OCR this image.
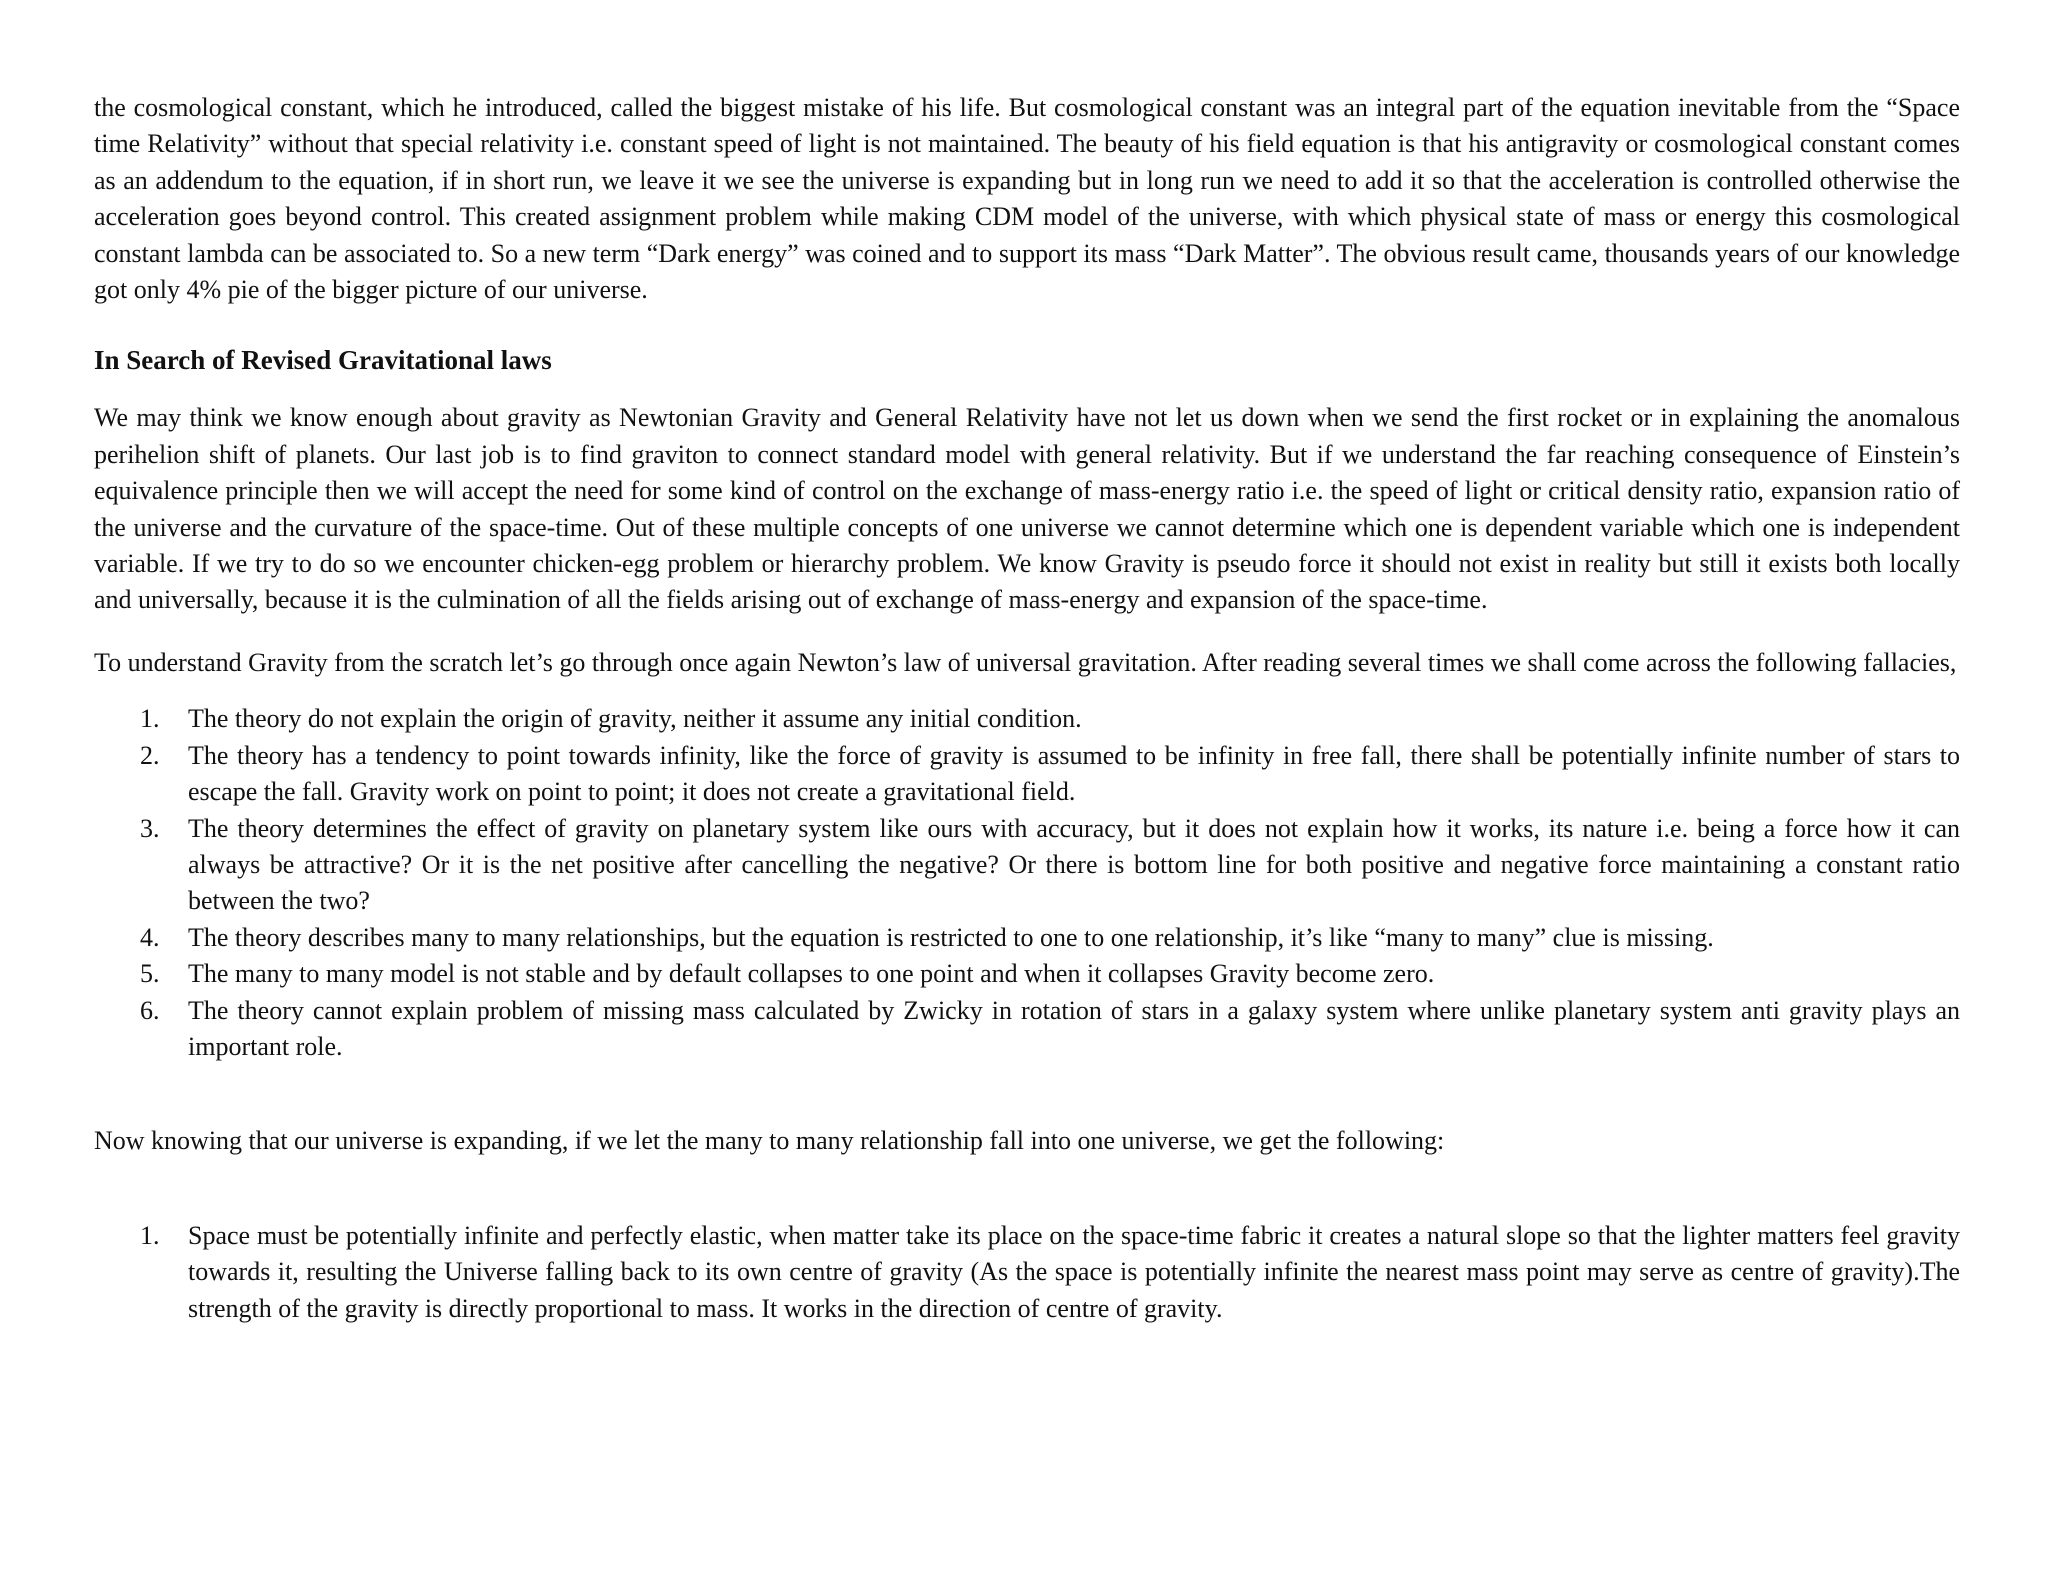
the cosmological constant, which he introduced, called the biggest mistake of his life. But cosmological constant was an integral part of the equation inevitable from the “Space time Relativity” without that special relativity i.e. constant speed of light is not maintained. The beauty of his field equation is that his antigravity or cosmological constant comes as an addendum to the equation, if in short run, we leave it we see the universe is expanding but in long run we need to add it so that the acceleration is controlled otherwise the acceleration goes beyond control. This created assignment problem while making CDM model of the universe, with which physical state of mass or energy this cosmological constant lambda can be associated to. So a new term “Dark energy” was coined and to support its mass “Dark Matter”. The obvious result came, thousands years of our knowledge got only 4% pie of the bigger picture of our universe.

In Search of Revised Gravitational laws

We may think we know enough about gravity as Newtonian Gravity and General Relativity have not let us down when we send the first rocket or in explaining the anomalous perihelion shift of planets. Our last job is to find graviton to connect standard model with general relativity. But if we understand the far reaching consequence of Einstein’s equivalence principle then we will accept the need for some kind of control on the exchange of mass-energy ratio i.e. the speed of light or critical density ratio, expansion ratio of the universe and the curvature of the space-time. Out of these multiple concepts of one universe we cannot determine which one is dependent variable which one is independent variable. If we try to do so we encounter chicken-egg problem or hierarchy problem. We know Gravity is pseudo force it should not exist in reality but still it exists both locally and universally, because it is the culmination of all the fields arising out of exchange of mass-energy and expansion of the space-time.

To understand Gravity from the scratch let’s go through once again Newton’s law of universal gravitation. After reading several times we shall come across the following fallacies,

1.	The theory do not explain the origin of gravity, neither it assume any initial condition.
2.	The theory has a tendency to point towards infinity, like the force of gravity is assumed to be infinity in free fall, there shall be potentially infinite number of stars to escape the fall. Gravity work on point to point; it does not create a gravitational field.
3.	The theory determines the effect of gravity on planetary system like ours with accuracy, but it does not explain how it works, its nature i.e. being a force how it can always be attractive? Or it is the net positive after cancelling the negative? Or there is bottom line for both positive and negative force maintaining a constant ratio between the two?
4.	The theory describes many to many relationships, but the equation is restricted to one to one relationship, it’s like “many to many” clue is missing.
5.	The many to many model is not stable and by default collapses to one point and when it collapses Gravity become zero.
6.	The theory cannot explain problem of missing mass calculated by Zwicky in rotation of stars in a galaxy system where unlike planetary system anti gravity plays an important role.

Now knowing that our universe is expanding, if we let the many to many relationship fall into one universe, we get the following:

1.	Space must be potentially infinite and perfectly elastic, when matter take its place on the space-time fabric it creates a natural slope so that the lighter matters feel gravity towards it, resulting the Universe falling back to its own centre of gravity (As the space is potentially infinite the nearest mass point may serve as centre of gravity).The strength of the gravity is directly proportional to mass. It works in the direction of centre of gravity.
